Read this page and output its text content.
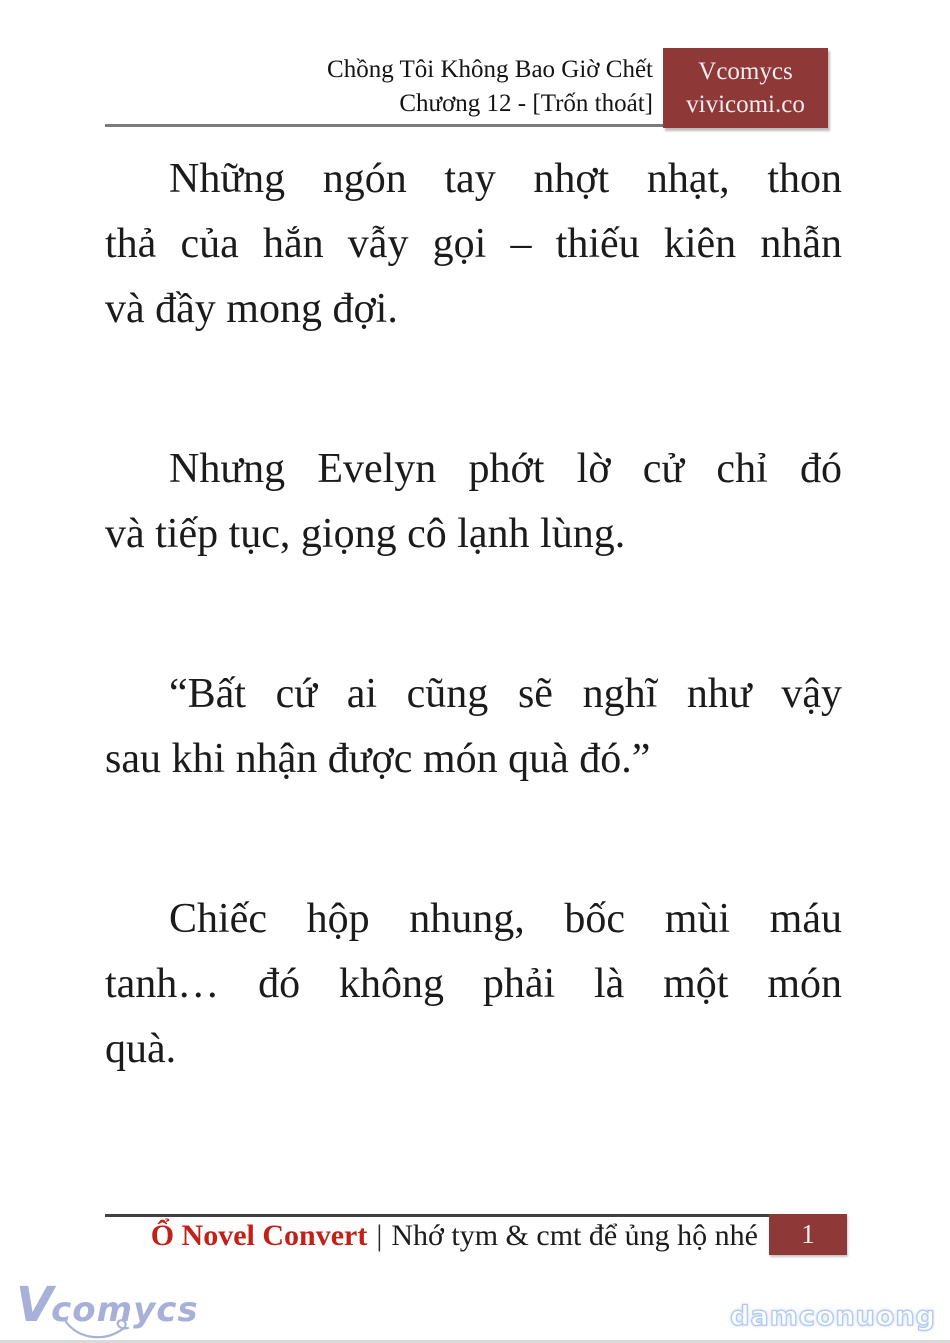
Chồng Tôi Không Bao Giờ Chết
Chương 12 - [Trốn thoát]
Vcomycs
vivicomi.co
Những ngón tay nhợt nhạt, thon
thả của hắn vẫy gọi – thiếu kiên nhẫn
và đầy mong đợi.
Nhưng Evelyn phớt lờ cử chỉ đó
và tiếp tục, giọng cô lạnh lùng.
“Bất cứ ai cũng sẽ nghĩ như vậy
sau khi nhận được món quà đó.”
Chiếc hộp nhung, bốc mùi máu
tanh… đó không phải là một món
quà.
Ổ Novel Convert | Nhớ tym & cmt để ủng hộ nhé 1
Vcomycs	damconuong
